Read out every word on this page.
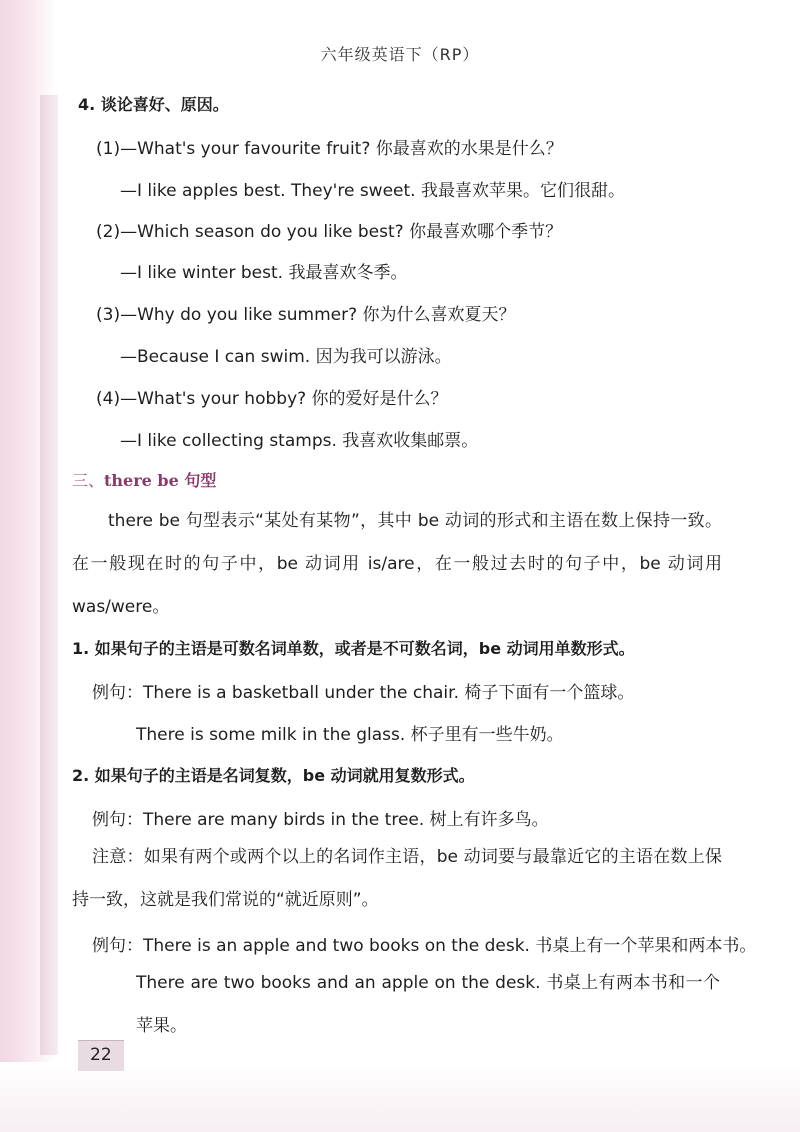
六年级英语下（RP）
4. 谈论喜好、原因。
(1)—What's your favourite fruit? 你最喜欢的水果是什么？
—I like apples best. They're sweet. 我最喜欢苹果。它们很甜。
(2)—Which season do you like best? 你最喜欢哪个季节？
—I like winter best. 我最喜欢冬季。
(3)—Why do you like summer? 你为什么喜欢夏天？
—Because I can swim. 因为我可以游泳。
(4)—What's your hobby? 你的爱好是什么？
—I like collecting stamps. 我喜欢收集邮票。
三、there be 句型
there be 句型表示“某处有某物”，其中 be 动词的形式和主语在数上保持一致。在一般现在时的句子中，be 动词用 is/are，在一般过去时的句子中，be 动词用 was/were。
1. 如果句子的主语是可数名词单数，或者是不可数名词，be 动词用单数形式。
例句：There is a basketball under the chair. 椅子下面有一个篮球。
There is some milk in the glass. 杯子里有一些牛奶。
2. 如果句子的主语是名词复数，be 动词就用复数形式。
例句：There are many birds in the tree. 树上有许多鸟。
注意：如果有两个或两个以上的名词作主语，be 动词要与最靠近它的主语在数上保持一致，这就是我们常说的“就近原则”。
例句：There is an apple and two books on the desk. 书桌上有一个苹果和两本书。
There are two books and an apple on the desk. 书桌上有两本书和一个苹果。
22
